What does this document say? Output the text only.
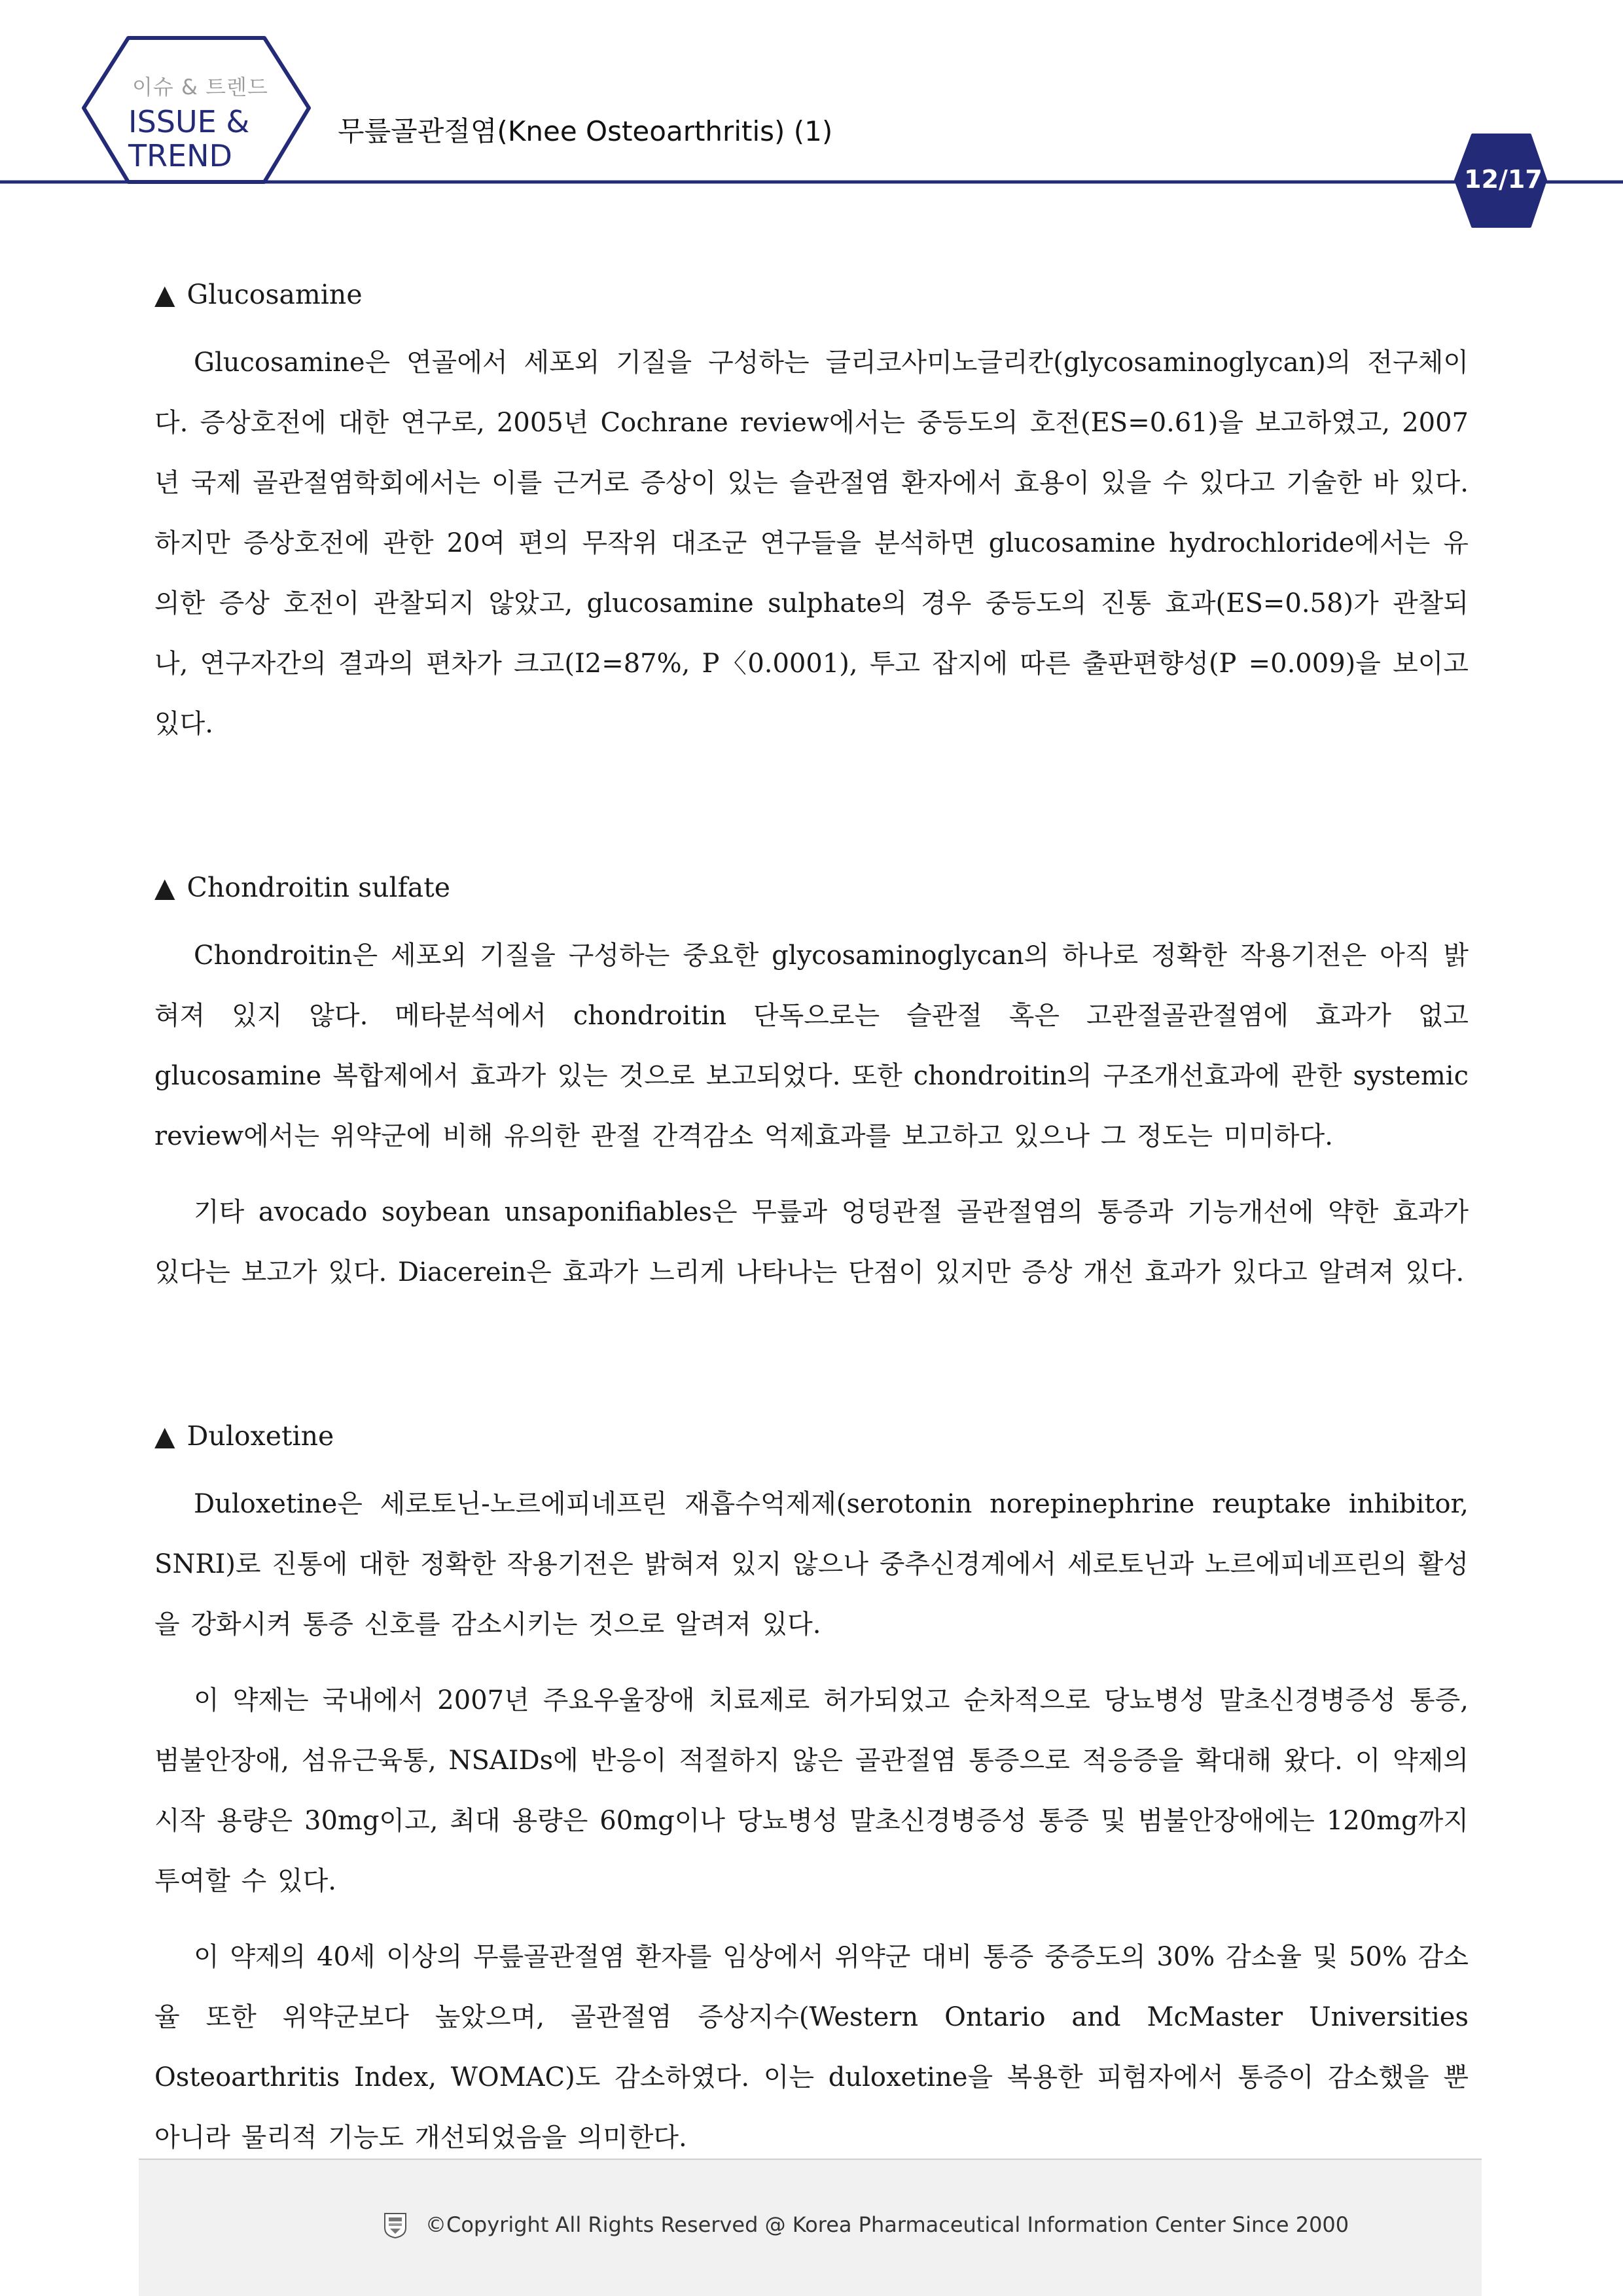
이슈 & 트렌드
ISSUE &
TREND
무릎골관절염(Knee Osteoarthritis) (1)
12/17
▲ Glucosamine

Glucosamine은 연골에서 세포외 기질을 구성하는 글리코사미노글리칸(glycosaminoglycan)의 전구체이다. 증상호전에 대한 연구로, 2005년 Cochrane review에서는 중등도의 호전(ES=0.61)을 보고하였고, 2007년 국제 골관절염학회에서는 이를 근거로 증상이 있는 슬관절염 환자에서 효용이 있을 수 있다고 기술한 바 있다. 하지만 증상호전에 관한 20여 편의 무작위 대조군 연구들을 분석하면 glucosamine hydrochloride에서는 유의한 증상 호전이 관찰되지 않았고, glucosamine sulphate의 경우 중등도의 진통 효과(ES=0.58)가 관찰되나, 연구자간의 결과의 편차가 크고(I2=87%, P〈0.0001), 투고 잡지에 따른 출판편향성(P =0.009)을 보이고 있다.

▲ Chondroitin sulfate

Chondroitin은 세포외 기질을 구성하는 중요한 glycosaminoglycan의 하나로 정확한 작용기전은 아직 밝혀져 있지 않다. 메타분석에서 chondroitin 단독으로는 슬관절 혹은 고관절골관절염에 효과가 없고 glucosamine 복합제에서 효과가 있는 것으로 보고되었다. 또한 chondroitin의 구조개선효과에 관한 systemic review에서는 위약군에 비해 유의한 관절 간격감소 억제효과를 보고하고 있으나 그 정도는 미미하다.

기타 avocado soybean unsaponifiables은 무릎과 엉덩관절 골관절염의 통증과 기능개선에 약한 효과가 있다는 보고가 있다. Diacerein은 효과가 느리게 나타나는 단점이 있지만 증상 개선 효과가 있다고 알려져 있다.

▲ Duloxetine

Duloxetine은 세로토닌-노르에피네프린 재흡수억제제(serotonin norepinephrine reuptake inhibitor, SNRI)로 진통에 대한 정확한 작용기전은 밝혀져 있지 않으나 중추신경계에서 세로토닌과 노르에피네프린의 활성을 강화시켜 통증 신호를 감소시키는 것으로 알려져 있다.

이 약제는 국내에서 2007년 주요우울장애 치료제로 허가되었고 순차적으로 당뇨병성 말초신경병증성 통증, 범불안장애, 섬유근육통, NSAIDs에 반응이 적절하지 않은 골관절염 통증으로 적응증을 확대해 왔다. 이 약제의 시작 용량은 30mg이고, 최대 용량은 60mg이나 당뇨병성 말초신경병증성 통증 및 범불안장애에는 120mg까지 투여할 수 있다.

이 약제의 40세 이상의 무릎골관절염 환자를 임상에서 위약군 대비 통증 중증도의 30% 감소율 및 50% 감소율 또한 위약군보다 높았으며, 골관절염 증상지수(Western Ontario and McMaster Universities Osteoarthritis Index, WOMAC)도 감소하였다. 이는 duloxetine을 복용한 피험자에서 통증이 감소했을 뿐 아니라 물리적 기능도 개선되었음을 의미한다.

©Copyright All Rights Reserved @ Korea Pharmaceutical Information Center Since 2000
